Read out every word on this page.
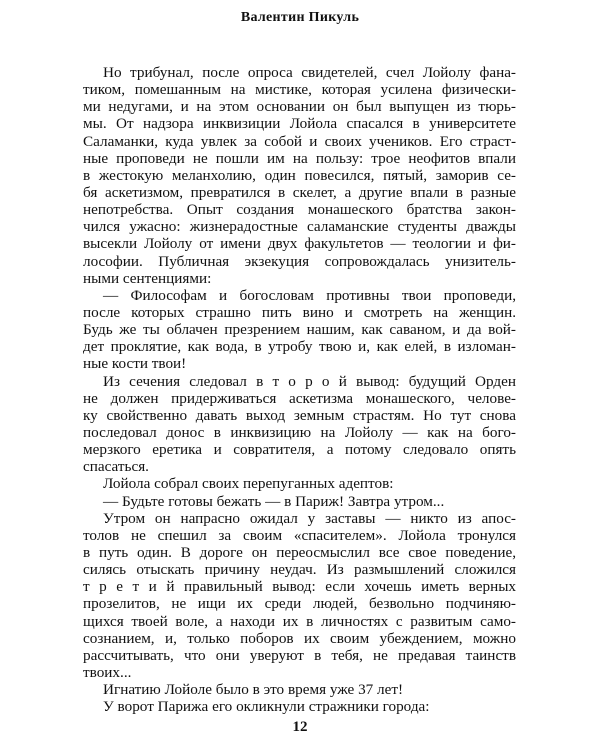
Валентин Пикуль
Но трибунал, после опроса свидетелей, счел Лойолу фана-
тиком, помешанным на мистике, которая усилена физически-
ми недугами, и на этом основании он был выпущен из тюрь-
мы. От надзора инквизиции Лойола спасался в университете
Саламанки, куда увлек за собой и своих учеников. Его страст-
ные проповеди не пошли им на пользу: трое неофитов впали
в жестокую меланхолию, один повесился, пятый, заморив се-
бя аскетизмом, превратился в скелет, а другие впали в разные
непотребства. Опыт создания монашеского братства закон-
чился ужасно: жизнерадостные саламанские студенты дважды
высекли Лойолу от имени двух факультетов — теологии и фи-
лософии. Публичная экзекуция сопровождалась унизитель-
ными сентенциями:
— Философам и богословам противны твои проповеди,
после которых страшно пить вино и смотреть на женщин.
Будь же ты облачен презрением нашим, как саваном, и да вой-
дет проклятие, как вода, в утробу твою и, как елей, в изломан-
ные кости твои!
Из сечения следовал в т о р о й вывод: будущий Орден
не должен придерживаться аскетизма монашеского, челове-
ку свойственно давать выход земным страстям. Но тут снова
последовал донос в инквизицию на Лойолу — как на бого-
мерзкого еретика и совратителя, а потому следовало опять
спасаться.
Лойола собрал своих перепуганных адептов:
— Будьте готовы бежать — в Париж! Завтра утром...
Утром он напрасно ожидал у заставы — никто из апос-
толов не спешил за своим «спасителем». Лойола тронулся
в путь один. В дороге он переосмыслил все свое поведение,
силясь отыскать причину неудач. Из размышлений сложился
т р е т и й правильный вывод: если хочешь иметь верных
прозелитов, не ищи их среди людей, безвольно подчиняю-
щихся твоей воле, а находи их в личностях с развитым само-
сознанием, и, только поборов их своим убеждением, можно
рассчитывать, что они уверуют в тебя, не предавая таинств
твоих...
Игнатию Лойоле было в это время уже 37 лет!
У ворот Парижа его окликнули стражники города:
12
